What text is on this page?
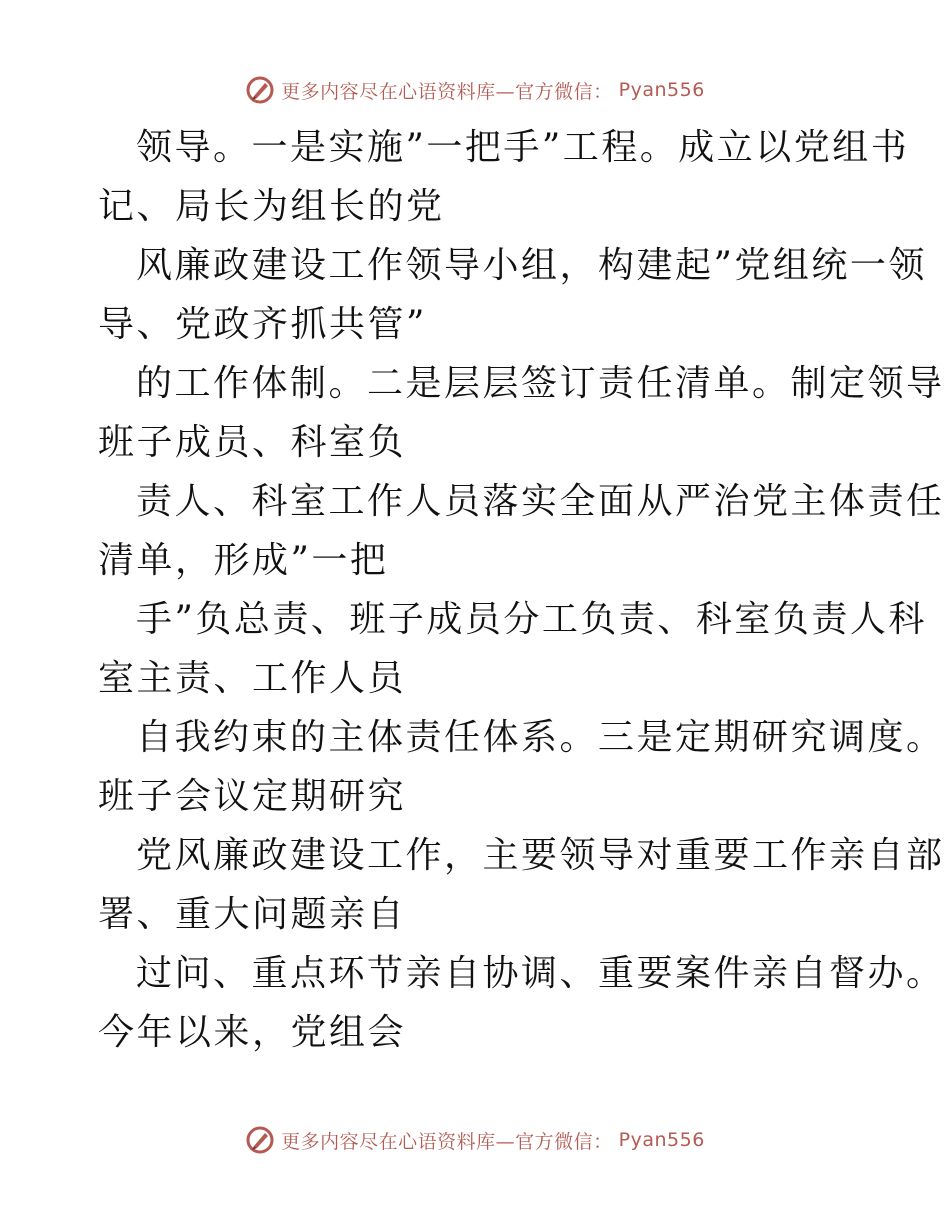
更多内容尽在心语资料库—官方微信： Pyan556
领导。一是实施”一把手”工程。成立以党组书
记、局长为组长的党
风廉政建设工作领导小组，构建起”党组统一领
导、党政齐抓共管”
的工作体制。二是层层签订责任清单。制定领导
班子成员、科室负
责人、科室工作人员落实全面从严治党主体责任
清单，形成”一把
手”负总责、班子成员分工负责、科室负责人科
室主责、工作人员
自我约束的主体责任体系。三是定期研究调度。
班子会议定期研究
党风廉政建设工作，主要领导对重要工作亲自部
署、重大问题亲自
过问、重点环节亲自协调、重要案件亲自督办。
今年以来，党组会
更多内容尽在心语资料库—官方微信： Pyan556
